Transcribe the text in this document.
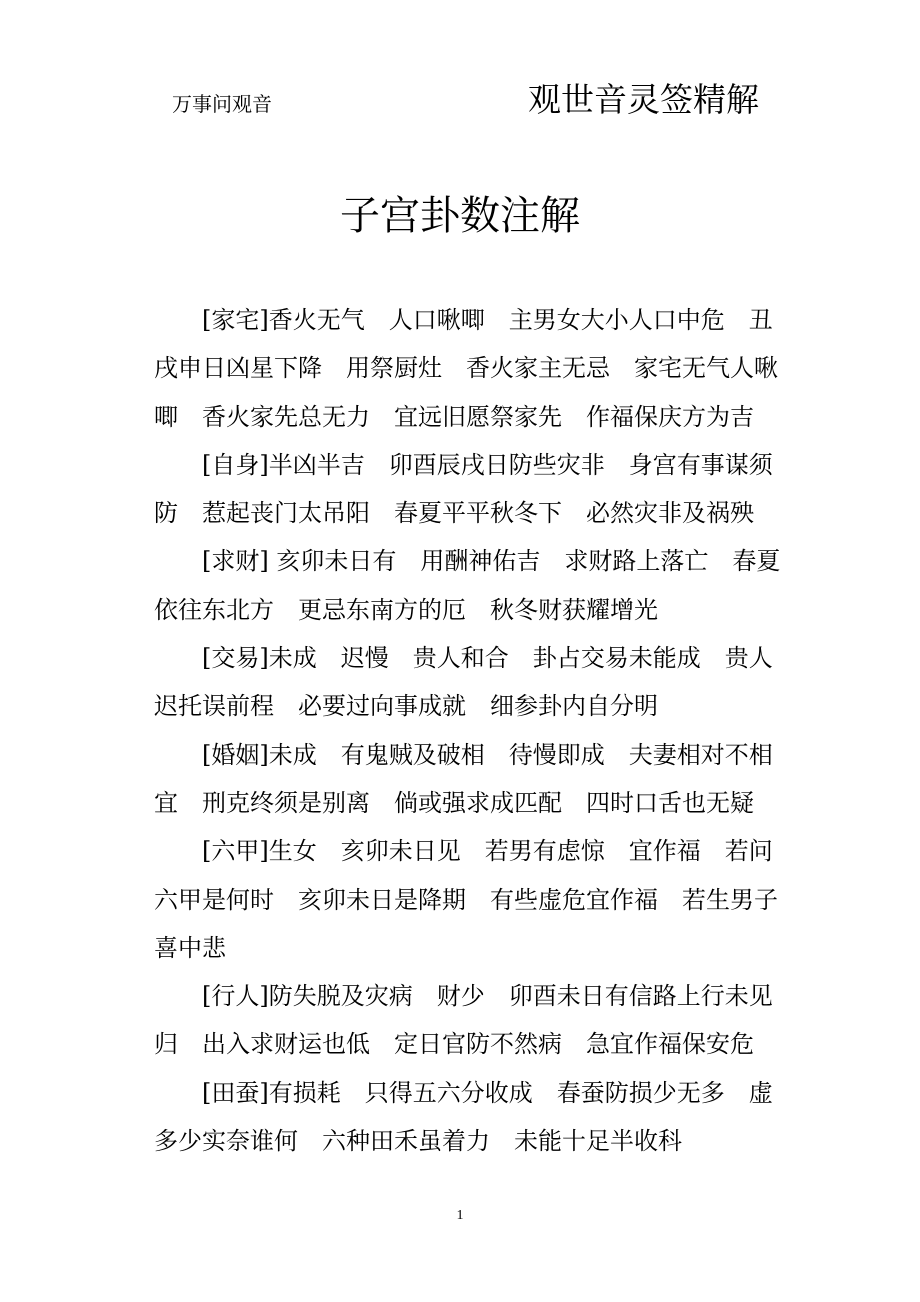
万事问观音	观世音灵签精解
子宫卦数注解
　　[家宅]香火无气　人口啾唧　主男女大小人口中危　丑
戌申日凶星下降　用祭厨灶　香火家主无忌　家宅无气人啾
唧　香火家先总无力　宜远旧愿祭家先　作福保庆方为吉
　　[自身]半凶半吉　卯酉辰戌日防些灾非　身宫有事谋须
防　惹起丧门太吊阳　春夏平平秋冬下　必然灾非及祸殃
　　[求财] 亥卯未日有　用酬神佑吉　求财路上落亡　春夏
依往东北方　更忌东南方的厄　秋冬财获耀增光
　　[交易]未成　迟慢　贵人和合　卦占交易未能成　贵人
迟托误前程　必要过向事成就　细参卦内自分明
　　[婚姻]未成　有鬼贼及破相　待慢即成　夫妻相对不相
宜　刑克终须是别离　倘或强求成匹配　四时口舌也无疑
　　[六甲]生女　亥卯未日见　若男有虑惊　宜作福　若问
六甲是何时　亥卯未日是降期　有些虚危宜作福　若生男子
喜中悲
　　[行人]防失脱及灾病　财少　卯酉未日有信路上行未见
归　出入求财运也低　定日官防不然病　急宜作福保安危
　　[田蚕]有损耗　只得五六分收成　春蚕防损少无多　虚
多少实奈谁何　六种田禾虽着力　未能十足半收科
1
